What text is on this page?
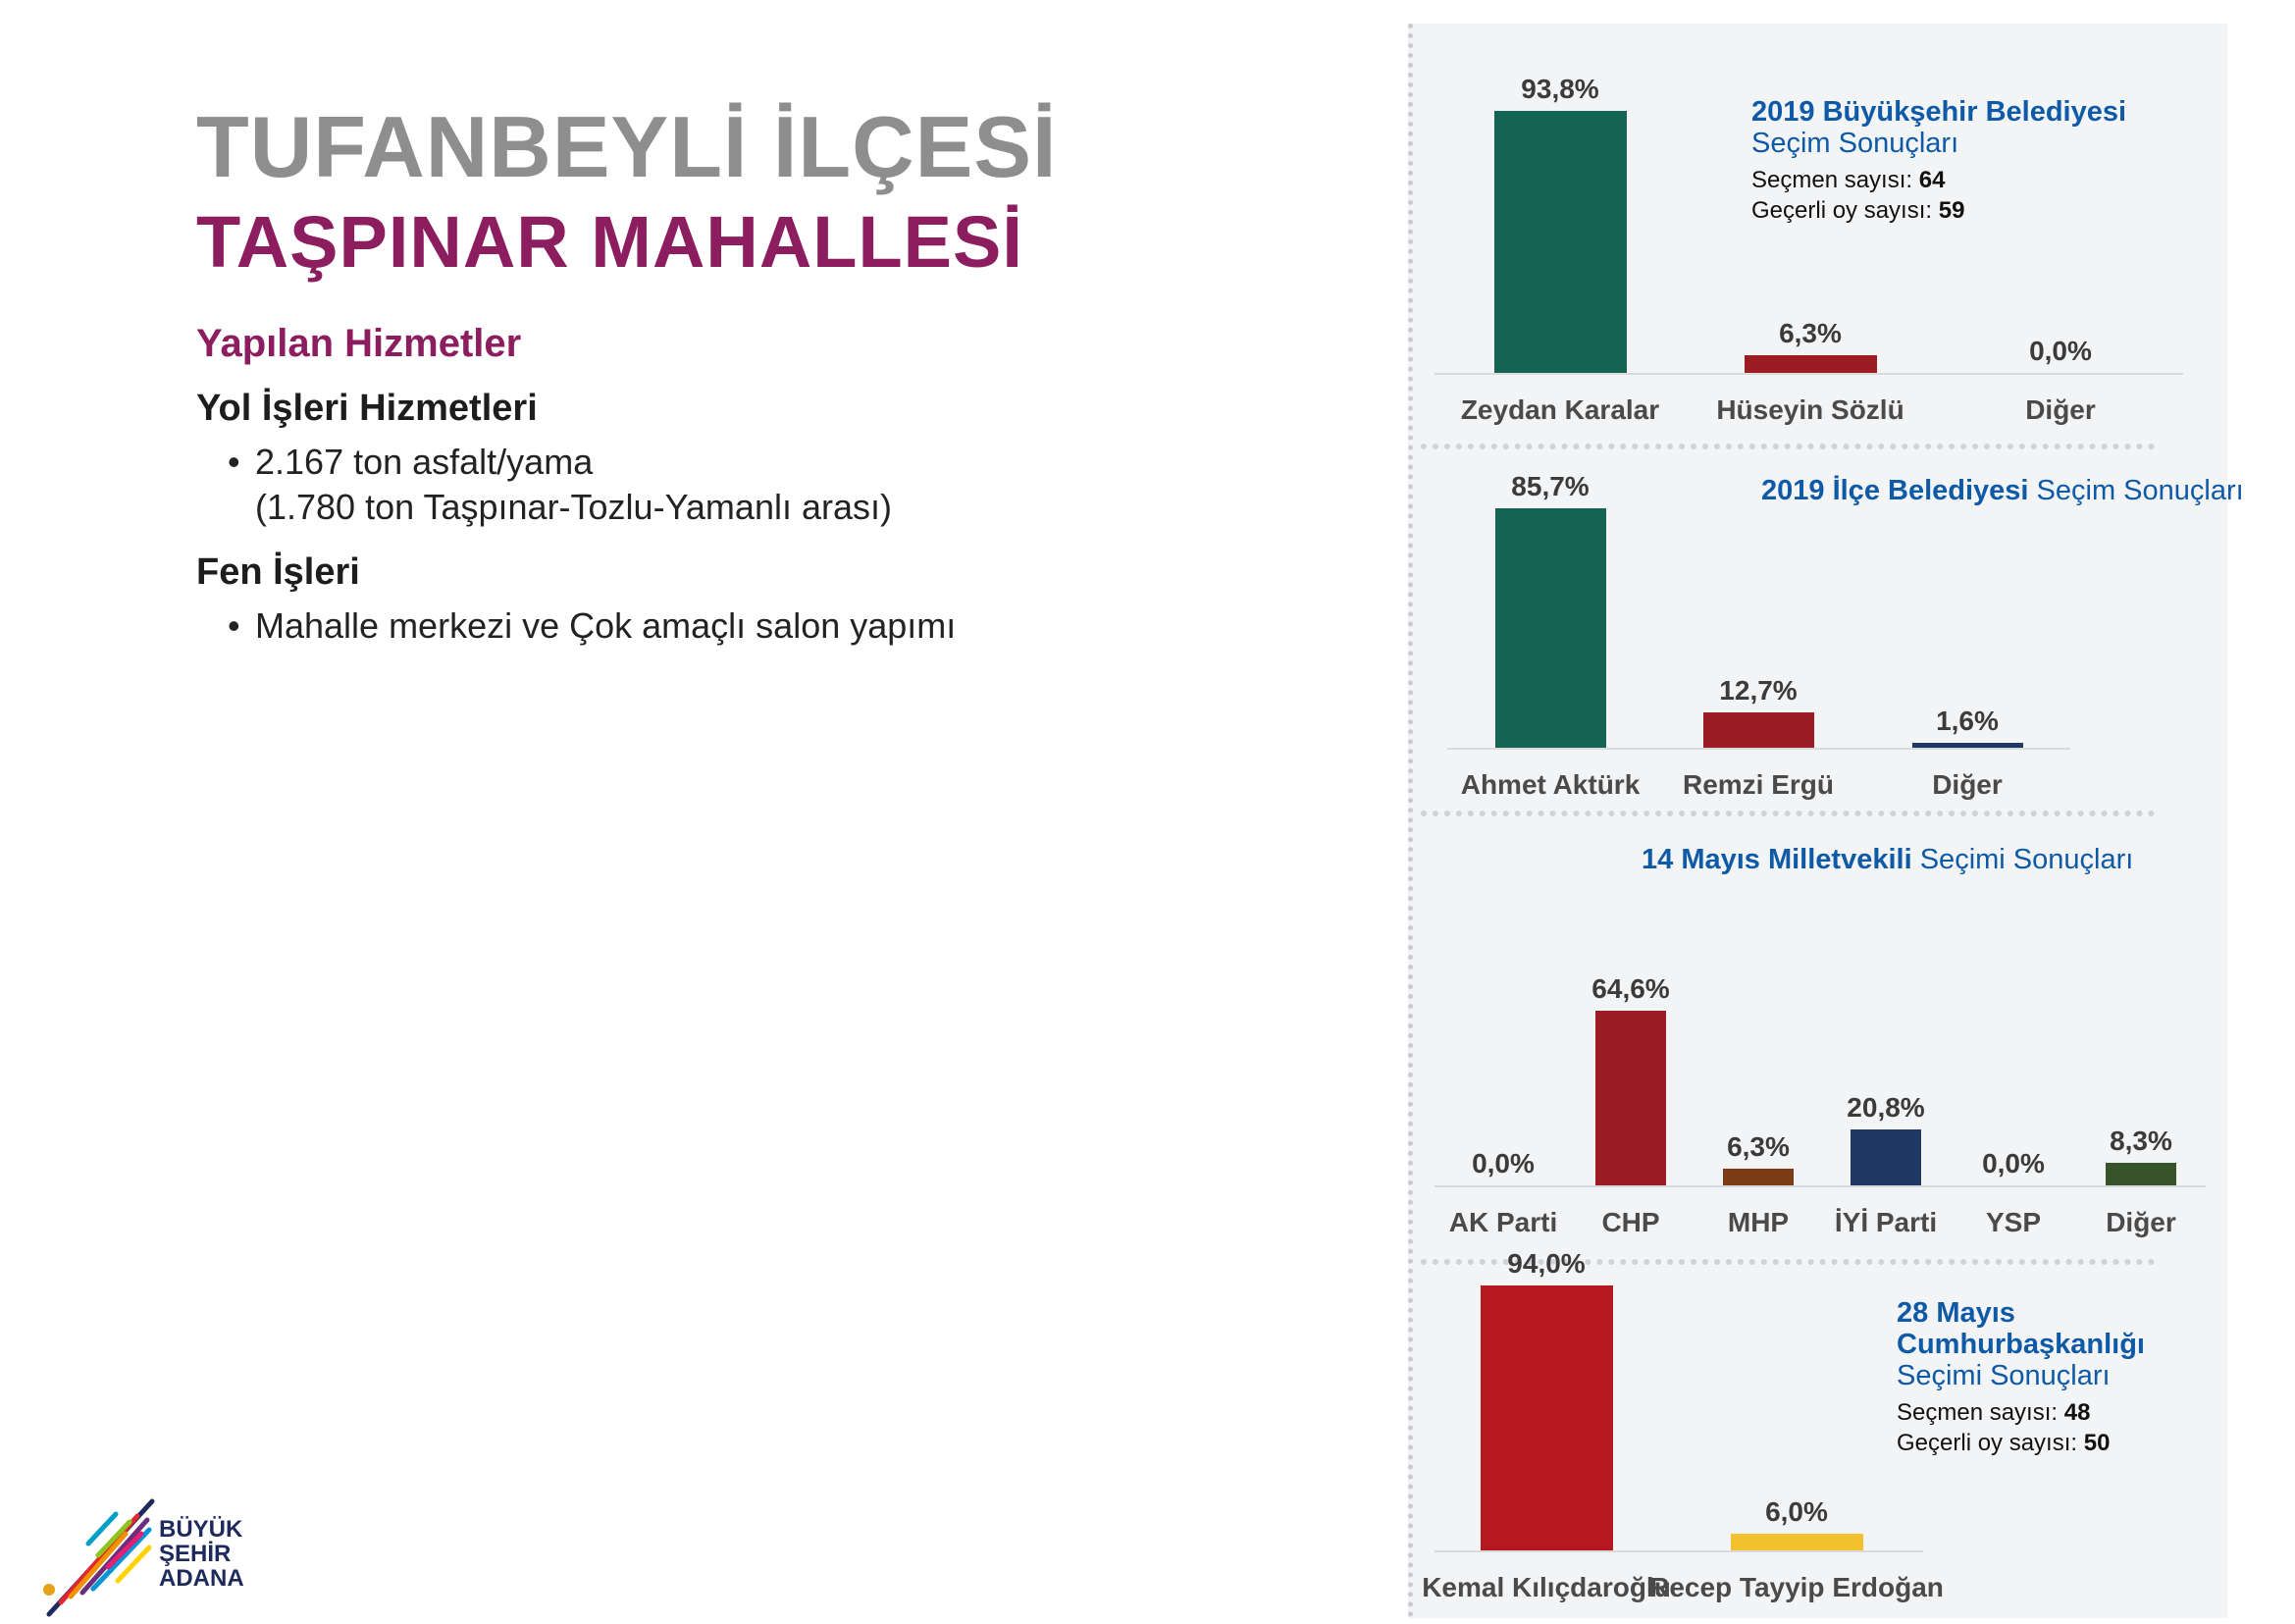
TUFANBEYLİ İLÇESİ
TAŞPINAR MAHALLESİ
Yapılan Hizmetler
Yol İşleri Hizmetleri
• 2.167 ton asfalt/yama
(1.780 ton Taşpınar-Tozlu-Yamanlı arası)
Fen İşleri
• Mahalle merkezi ve Çok amaçlı salon yapımı
BÜYÜK
ŞEHİR
ADANA
2019 Büyükşehir Belediyesi
Seçim Sonuçları
Seçmen sayısı: 64
Geçerli oy sayısı: 59
2019 İlçe Belediyesi Seçim Sonuçları
14 Mayıs Milletvekili Seçimi Sonuçları
28 Mayıs
Cumhurbaşkanlığı
Seçimi Sonuçları
Seçmen sayısı: 48
Geçerli oy sayısı: 50
93,8%
Zeydan Karalar
6,3%
Hüseyin Sözlü
0,0%
Diğer
85,7%
Ahmet Aktürk
12,7%
Remzi Ergü
1,6%
Diğer
0,0%
AK Parti
64,6%
CHP
6,3%
MHP
20,8%
İYİ Parti
0,0%
YSP
8,3%
Diğer
94,0%
Kemal Kılıçdaroğlu
6,0%
Recep Tayyip Erdoğan
